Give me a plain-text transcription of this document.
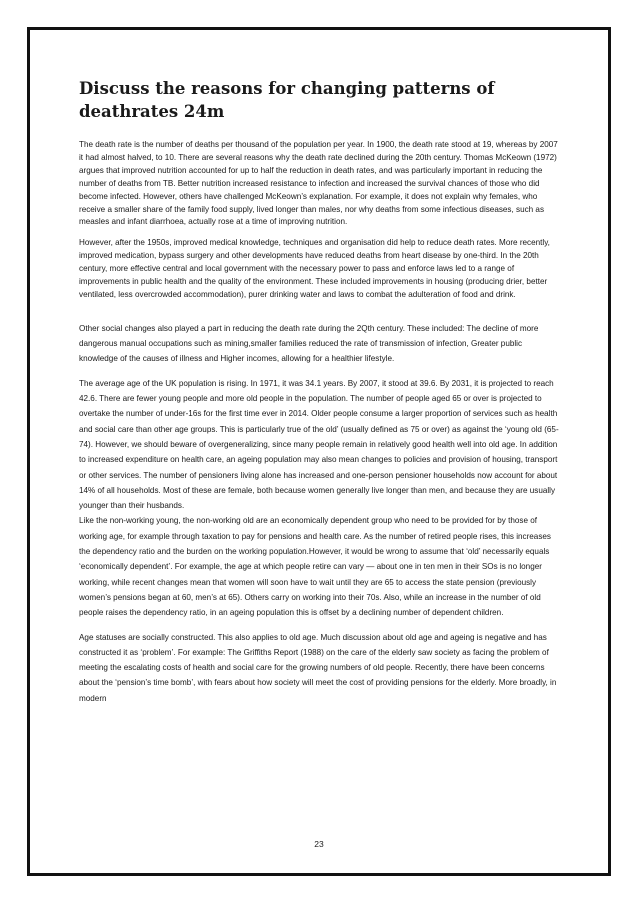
Discuss the reasons for changing patterns of deathrates 24m

The death rate is the number of deaths per thousand of the population per year. In 1900, the death rate stood at 19, whereas by 2007 it had almost halved, to 10. There are several reasons why the death rate declined during the 20th century. Thomas McKeown (1972) argues that improved nutrition accounted for up to half the reduction in death rates, and was particularly important in reducing the number of deaths from TB. Better nutrition increased resistance to infection and increased the survival chances of those who did become infected. However, others have challenged McKeown’s explanation. For example, it does not explain why females, who receive a smaller share of the family food supply, lived longer than males, nor why deaths from some infectious diseases, such as measles and infant diarrhoea, actually rose at a time of improving nutrition.

However, after the 1950s, improved medical knowledge, techniques and organisation did help to reduce death rates. More recently, improved medication, bypass surgery and other developments have reduced deaths from heart disease by one-third. In the 20th century, more effective central and local government with the necessary power to pass and enforce laws led to a range of improvements in public health and the quality of the environment. These included improvements in housing (producing drier, better ventilated, less overcrowded accommodation), purer drinking water and laws to combat the adulteration of food and drink.

Other social changes also played a part in reducing the death rate during the 2Qth century. These included: The decline of more dangerous manual occupations such as mining,smaller families reduced the rate of transmission of infection, Greater public knowledge of the causes of illness and Higher incomes, allowing for a healthier lifestyle.

The average age of the UK population is rising. In 1971, it was 34.1 years. By 2007, it stood at 39.6. By 2031, it is projected to reach 42.6. There are fewer young people and more old people in the population. The number of people aged 65 or over is projected to overtake the number of under-16s for the first time ever in 2014. Older people consume a larger proportion of services such as health and social care than other age groups. This is particularly true of the old’ (usually defined as 75 or over) as against the ‘young old (65-74). However, we should beware of overgeneralizing, since many people remain in relatively good health well into old age. In addition to increased expenditure on health care, an ageing population may also mean changes to policies and provision of housing, transport or other services. The number of pensioners living alone has increased and one-person pensioner households now account for about 14% of all households. Most of these are female, both because women generally live longer than men, and because they are usually younger than their husbands.

Like the non-working young, the non-working old are an economically dependent group who need to be provided for by those of working age, for example through taxation to pay for pensions and health care. As the number of retired people rises, this increases the dependency ratio and the burden on the working population.However, it would be wrong to assume that ‘old’ necessarily equals ‘economically dependent’. For example, the age at which people retire can vary — about one in ten men in their SOs is no longer working, while recent changes mean that women will soon have to wait until they are 65 to access the state pension (previously women’s pensions began at 60, men’s at 65). Others carry on working into their 70s. Also, while an increase in the number of old people raises the dependency ratio, in an ageing population this is offset by a declining number of dependent children.

Age statuses are socially constructed. This also applies to old age. Much discussion about old age and ageing is negative and has constructed it as ‘problem’. For example: The Griffiths Report (1988) on the care of the elderly saw society as facing the problem of meeting the escalating costs of health and social care for the growing numbers of old people. Recently, there have been concerns about the ‘pension’s time bomb’, with fears about how society will meet the cost of providing pensions for the elderly. More broadly, in modern

23
